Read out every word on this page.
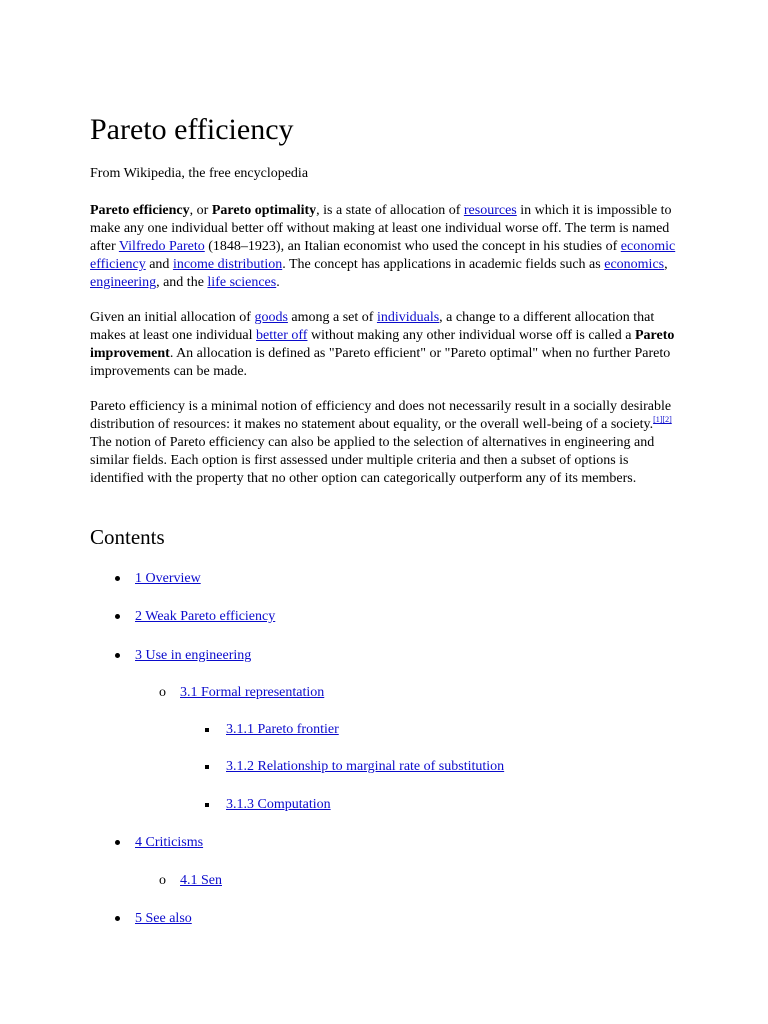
Pareto efficiency

From Wikipedia, the free encyclopedia

Pareto efficiency, or Pareto optimality, is a state of allocation of resources in which it is impossible to make any one individual better off without making at least one individual worse off. The term is named after Vilfredo Pareto (1848–1923), an Italian economist who used the concept in his studies of economic efficiency and income distribution. The concept has applications in academic fields such as economics, engineering, and the life sciences.

Given an initial allocation of goods among a set of individuals, a change to a different allocation that makes at least one individual better off without making any other individual worse off is called a Pareto improvement. An allocation is defined as "Pareto efficient" or "Pareto optimal" when no further Pareto improvements can be made.

Pareto efficiency is a minimal notion of efficiency and does not necessarily result in a socially desirable distribution of resources: it makes no statement about equality, or the overall well-being of a society.[1][2] The notion of Pareto efficiency can also be applied to the selection of alternatives in engineering and similar fields. Each option is first assessed under multiple criteria and then a subset of options is identified with the property that no other option can categorically outperform any of its members.

Contents
1 Overview
2 Weak Pareto efficiency
3 Use in engineering
o 3.1 Formal representation
3.1.1 Pareto frontier
3.1.2 Relationship to marginal rate of substitution
3.1.3 Computation
4 Criticisms
o 4.1 Sen
5 See also
